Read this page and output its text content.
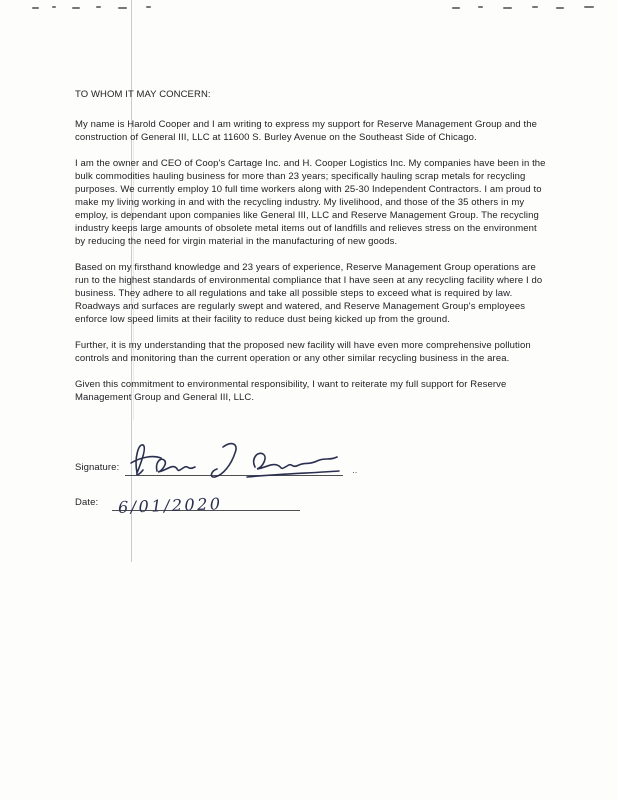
TO WHOM IT MAY CONCERN:

My name is Harold Cooper and I am writing to express my support for Reserve Management Group and the construction of General III, LLC at 11600 S. Burley Avenue on the Southeast Side of Chicago.

I am the owner and CEO of Coop's Cartage Inc. and H. Cooper Logistics Inc. My companies have been in the bulk commodities hauling business for more than 23 years; specifically hauling scrap metals for recycling purposes. We currently employ 10 full time workers along with 25-30 Independent Contractors. I am proud to make my living working in and with the recycling industry. My livelihood, and those of the 35 others in my employ, is dependant upon companies like General III, LLC and Reserve Management Group. The recycling industry keeps large amounts of obsolete metal items out of landfills and relieves stress on the environment by reducing the need for virgin material in the manufacturing of new goods.

Based on my firsthand knowledge and 23 years of experience, Reserve Management Group operations are run to the highest standards of environmental compliance that I have seen at any recycling facility where I do business. They adhere to all regulations and take all possible steps to exceed what is required by law. Roadways and surfaces are regularly swept and watered, and Reserve Management Group's employees enforce low speed limits at their facility to reduce dust being kicked up from the ground.

Further, it is my understanding that the proposed new facility will have even more comprehensive pollution controls and monitoring than the current operation or any other similar recycling business in the area.

Given this commitment to environmental responsibility, I want to reiterate my full support for Reserve Management Group and General III, LLC.

Signature:	..
Date: 6/01/2020
